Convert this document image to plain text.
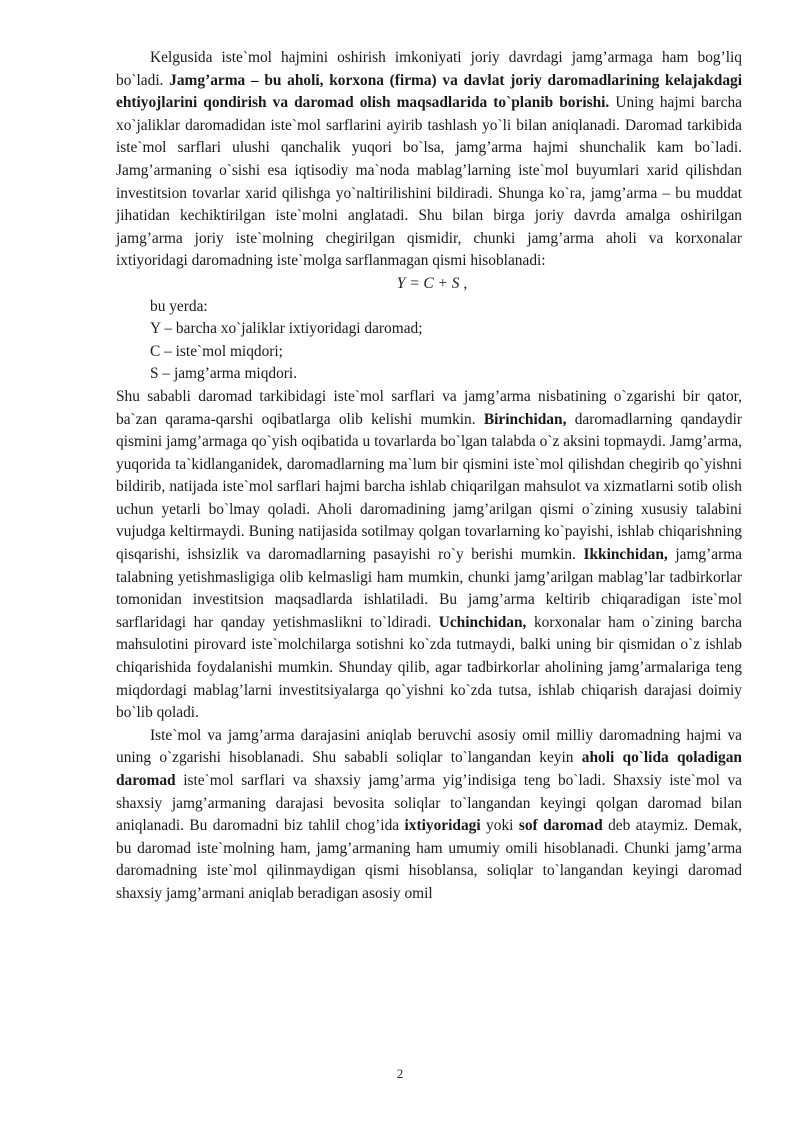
Kelgusida iste`mol hajmini oshirish imkoniyati joriy davrdagi jamg’armaga ham bog’liq bo`ladi. Jamg’arma – bu aholi, korxona (firma) va davlat joriy daromadlarining kelajakdagi ehtiyojlarini qondirish va daromad olish maqsadlarida to`planib borishi. Uning hajmi barcha xo`jaliklar daromadidan iste`mol sarflarini ayirib tashlash yo`li bilan aniqlanadi. Daromad tarkibida iste`mol sarflari ulushi qanchalik yuqori bo`lsa, jamg’arma hajmi shunchalik kam bo`ladi. Jamg’armaning o`sishi esa iqtisodiy ma`noda mablag’larning iste`mol buyumlari xarid qilishdan investitsion tovarlar xarid qilishga yo`naltirilishini bildiradi. Shunga ko`ra, jamg’arma – bu muddat jihatidan kechiktirilgan iste`molni anglatadi. Shu bilan birga joriy davrda amalga oshirilgan jamg’arma joriy iste`molning chegirilgan qismidir, chunki jamg’arma aholi va korxonalar ixtiyoridagi daromadning iste`molga sarflanmagan qismi hisoblanadi:

Y = C + S ,

bu yerda:

Y – barcha xo`jaliklar ixtiyoridagi daromad;

C – iste`mol miqdori;

S – jamg’arma miqdori.

Shu sababli daromad tarkibidagi iste`mol sarflari va jamg’arma nisbatining o`zgarishi bir qator, ba`zan qarama-qarshi oqibatlarga olib kelishi mumkin. Birinchidan, daromadlarning qandaydir qismini jamg’armaga qo`yish oqibatida u tovarlarda bo`lgan talabda o`z aksini topmaydi. Jamg’arma, yuqorida ta`kidlanganidek, daromadlarning ma`lum bir qismini iste`mol qilishdan chegirib qo`yishni bildirib, natijada iste`mol sarflari hajmi barcha ishlab chiqarilgan mahsulot va xizmatlarni sotib olish uchun yetarli bo`lmay qoladi. Aholi daromadining jamg’arilgan qismi o`zining xususiy talabini vujudga keltirmaydi. Buning natijasida sotilmay qolgan tovarlarning ko`payishi, ishlab chiqarishning qisqarishi, ishsizlik va daromadlarning pasayishi ro`y berishi mumkin. Ikkinchidan, jamg’arma talabning yetishmasligiga olib kelmasligi ham mumkin, chunki jamg’arilgan mablag’lar tadbirkorlar tomonidan investitsion maqsadlarda ishlatiladi. Bu jamg’arma keltirib chiqaradigan iste`mol sarflaridagi har qanday yetishmaslikni to`ldiradi. Uchinchidan, korxonalar ham o`zining barcha mahsulotini pirovard iste`molchilarga sotishni ko`zda tutmaydi, balki uning bir qismidan o`z ishlab chiqarishida foydalanishi mumkin. Shunday qilib, agar tadbirkorlar aholining jamg’armalariga teng miqdordagi mablag’larni investitsiyalarga qo`yishni ko`zda tutsa, ishlab chiqarish darajasi doimiy bo`lib qoladi.

Iste`mol va jamg’arma darajasini aniqlab beruvchi asosiy omil milliy daromadning hajmi va uning o`zgarishi hisoblanadi. Shu sababli soliqlar to`langandan keyin aholi qo`lida qoladigan daromad iste`mol sarflari va shaxsiy jamg’arma yig’indisiga teng bo`ladi. Shaxsiy iste`mol va shaxsiy jamg’armaning darajasi bevosita soliqlar to`langandan keyingi qolgan daromad bilan aniqlanadi. Bu daromadni biz tahlil chog’ida ixtiyoridagi yoki sof daromad deb ataymiz. Demak, bu daromad iste`molning ham, jamg’armaning ham umumiy omili hisoblanadi. Chunki jamg’arma daromadning iste`mol qilinmaydigan qismi hisoblansa, soliqlar to`langandan keyingi daromad shaxsiy jamg’armani aniqlab beradigan asosiy omil

2
